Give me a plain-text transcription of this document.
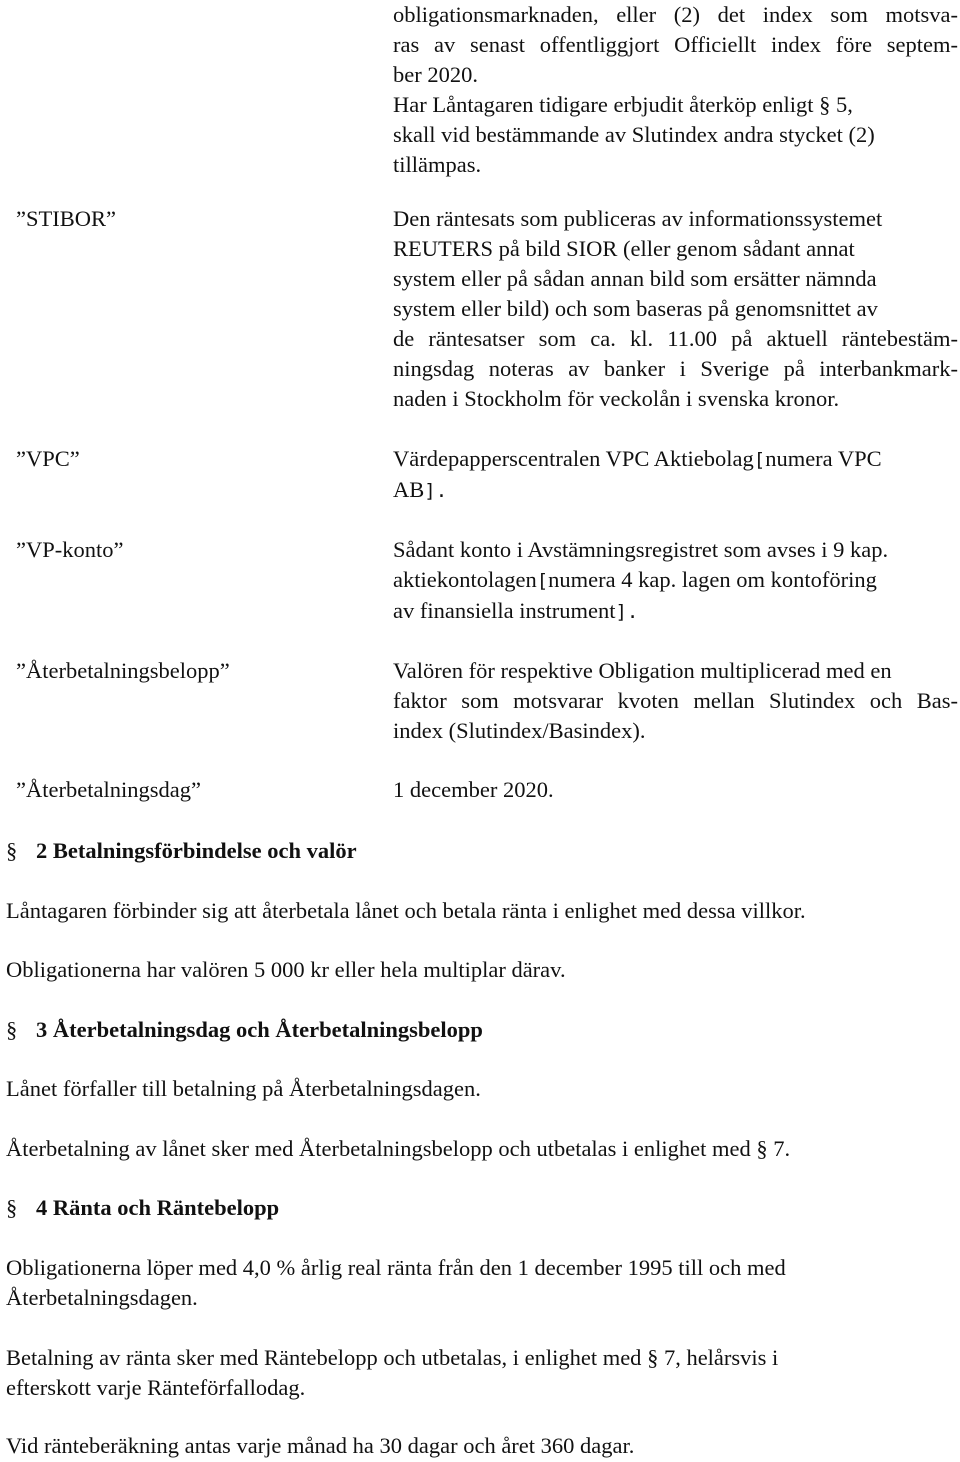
obligationsmarknaden, eller (2) det index som motsva-
ras av senast offentliggjort Officiellt index före septem-
ber 2020.
Har Låntagaren tidigare erbjudit återköp enligt § 5,
skall vid bestämmande av Slutindex andra stycket (2)
tillämpas.
”STIBOR”	Den räntesats som publiceras av informationssystemet
REUTERS på bild SIOR (eller genom sådant annat
system eller på sådan annan bild som ersätter nämnda
system eller bild) och som baseras på genomsnittet av
de räntesatser som ca. kl. 11.00 på aktuell räntebestäm-
ningsdag noteras av banker i Sverige på interbankmark-
naden i Stockholm för veckolån i svenska kronor.
”VPC”	Värdepapperscentralen VPC Aktiebolag[numera VPC
AB].
”VP-konto”	Sådant konto i Avstämningsregistret som avses i 9 kap.
aktiekontolagen[numera 4 kap. lagen om kontoföring
av finansiella instrument].
”Återbetalningsbelopp”	Valören för respektive Obligation multiplicerad med en
faktor som motsvarar kvoten mellan Slutindex och Bas-
index (Slutindex/Basindex).
”Återbetalningsdag”	1 december 2020.
§ 2 Betalningsförbindelse och valör
Låntagaren förbinder sig att återbetala lånet och betala ränta i enlighet med dessa villkor.
Obligationerna har valören 5 000 kr eller hela multiplar därav.
§ 3 Återbetalningsdag och Återbetalningsbelopp
Lånet förfaller till betalning på Återbetalningsdagen.
Återbetalning av lånet sker med Återbetalningsbelopp och utbetalas i enlighet med § 7.
§ 4 Ränta och Räntebelopp
Obligationerna löper med 4,0 % årlig real ränta från den 1 december 1995 till och med
Återbetalningsdagen.
Betalning av ränta sker med Räntebelopp och utbetalas, i enlighet med § 7, helårsvis i
efterskott varje Ränteförfallodag.
Vid ränteberäkning antas varje månad ha 30 dagar och året 360 dagar.
